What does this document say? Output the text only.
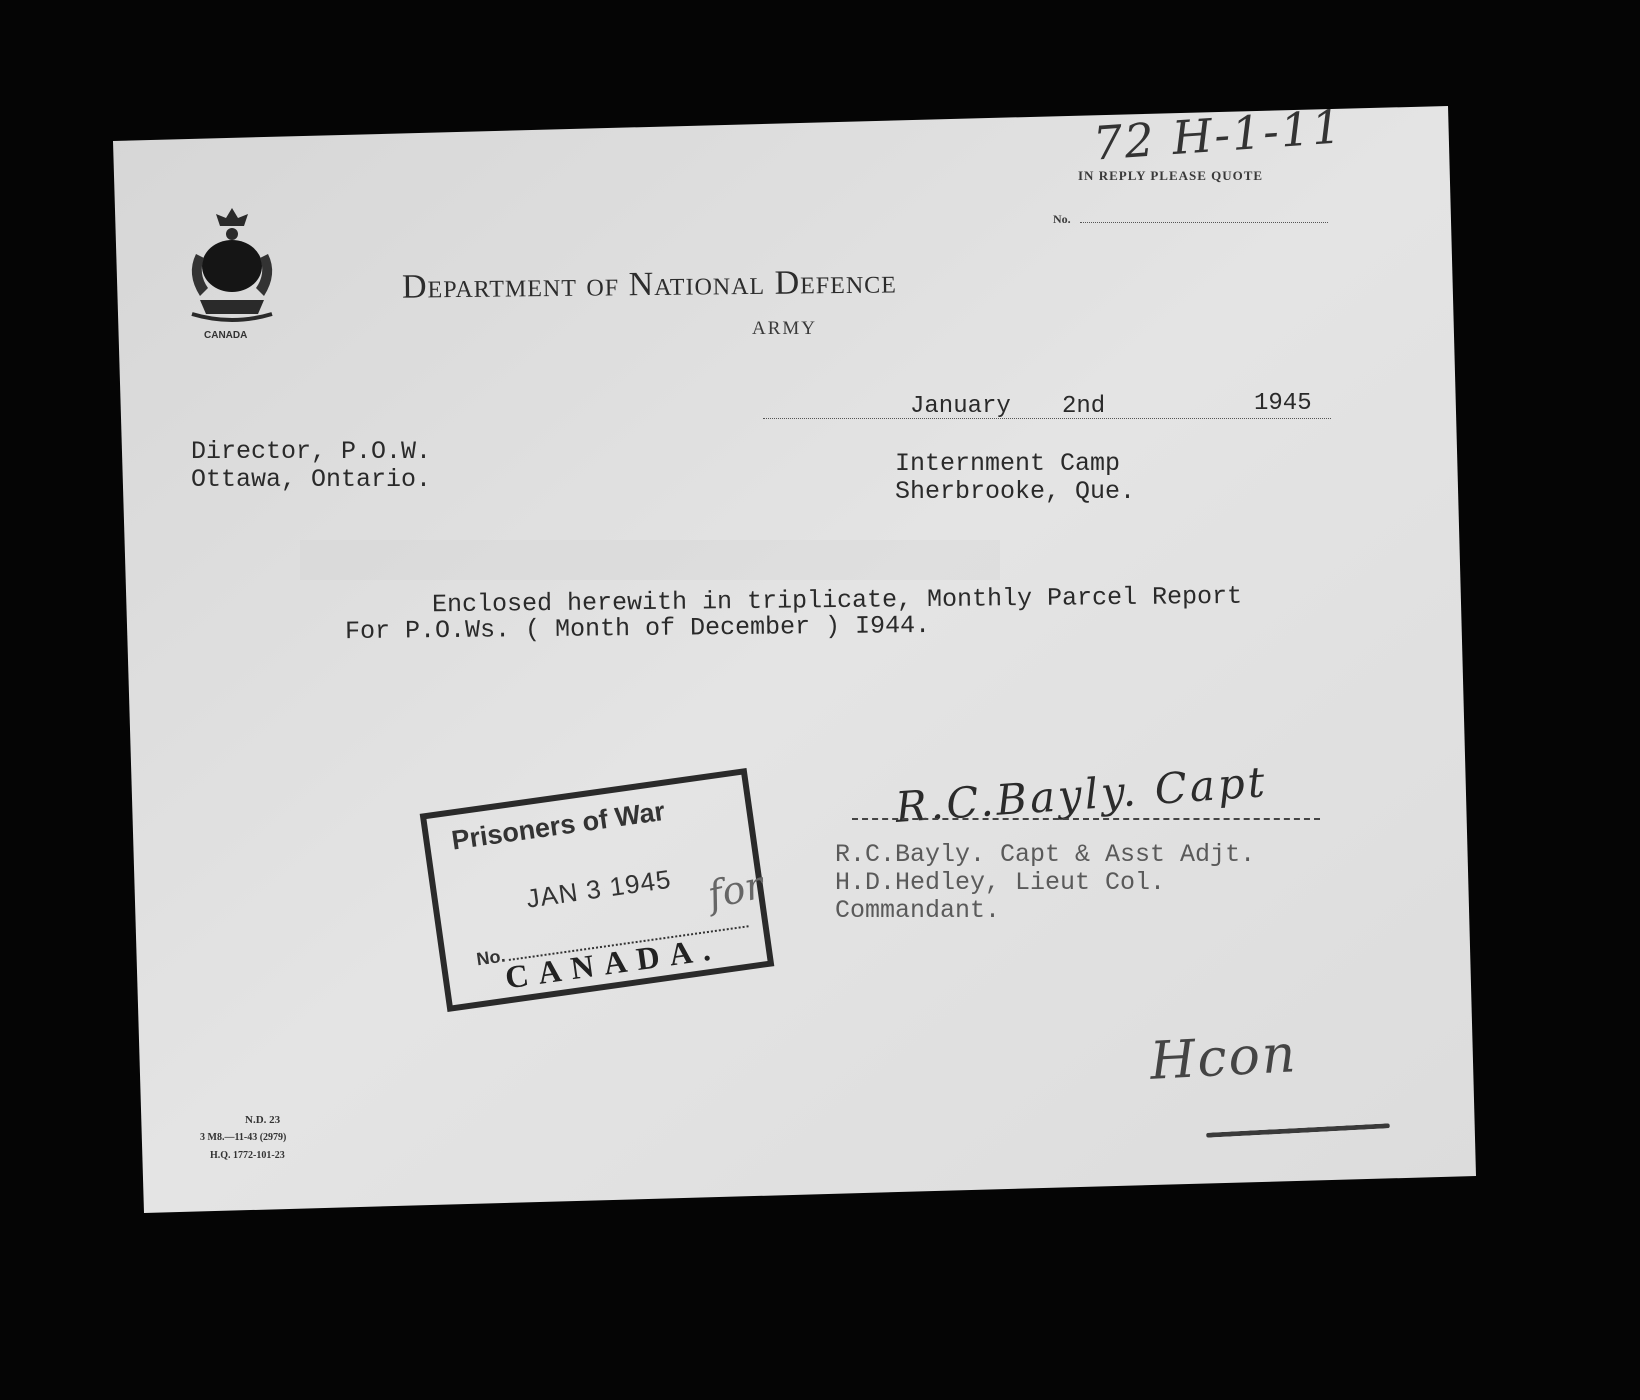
CANADA
72 H-1-11
IN REPLY PLEASE QUOTE
No.
Department of National Defence
ARMY
January 2nd	1945
Director, P.O.W.
Ottawa, Ontario.
Internment Camp
Sherbrooke, Que.
Enclosed herewith in triplicate, Monthly Parcel Report
For P.O.Ws. ( Month of December ) I944.
Prisoners of War
JAN 3 1945
No.
CANADA.
for
R.C.Bayly. Capt
R.C.Bayly. Capt & Asst Adjt.
H.D.Hedley, Lieut Col.
Commandant.
Hcon
N.D. 23
3 M8.—11-43 (2979)
H.Q. 1772-101-23
